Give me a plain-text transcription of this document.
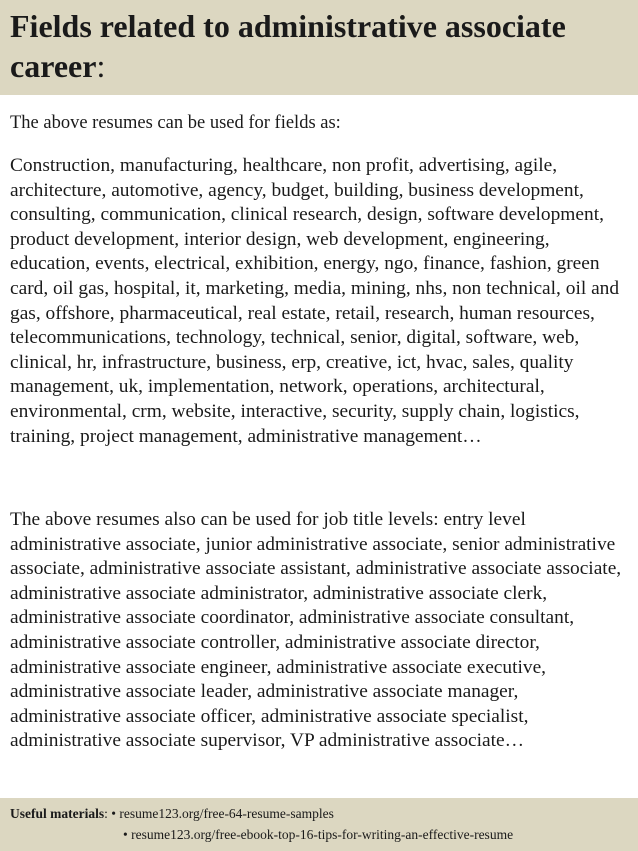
Fields related to administrative associate career:

The above resumes can be used for fields as:

Construction, manufacturing, healthcare, non profit, advertising, agile, architecture, automotive, agency, budget, building, business development, consulting, communication, clinical research, design, software development, product development, interior design, web development, engineering, education, events, electrical, exhibition, energy, ngo, finance, fashion, green card, oil gas, hospital, it, marketing, media, mining, nhs, non technical, oil and gas, offshore, pharmaceutical, real estate, retail, research, human resources, telecommunications, technology, technical, senior, digital, software, web, clinical, hr, infrastructure, business, erp, creative, ict, hvac, sales, quality management, uk, implementation, network, operations, architectural, environmental, crm, website, interactive, security, supply chain, logistics, training, project management, administrative management…

The above resumes also can be used for job title levels: entry level administrative associate, junior administrative associate, senior administrative associate, administrative associate assistant, administrative associate associate, administrative associate administrator, administrative associate clerk, administrative associate coordinator, administrative associate consultant, administrative associate controller, administrative associate director, administrative associate engineer, administrative associate executive, administrative associate leader, administrative associate manager, administrative associate officer, administrative associate specialist, administrative associate supervisor, VP administrative associate…

Useful materials: • resume123.org/free-64-resume-samples
• resume123.org/free-ebook-top-16-tips-for-writing-an-effective-resume
